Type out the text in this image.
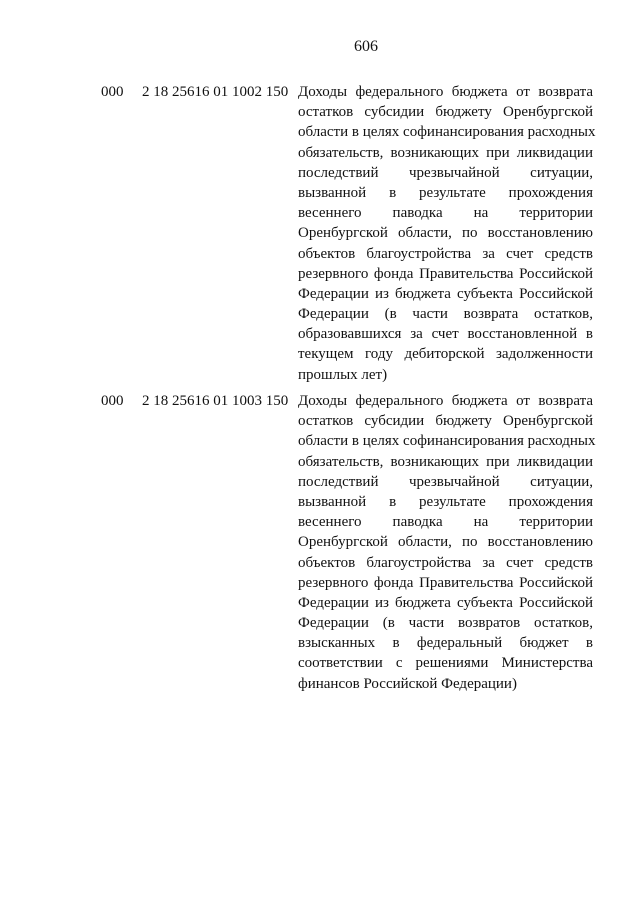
606
000 2 18 25616 01 1002 150 Доходы федерального бюджета от возврата
остатков субсидии бюджету Оренбургской
области в целях софинансирования расходных
обязательств, возникающих при ликвидации
последствий чрезвычайной ситуации,
вызванной в результате прохождения
весеннего паводка на территории
Оренбургской области, по восстановлению
объектов благоустройства за счет средств
резервного фонда Правительства Российской
Федерации из бюджета субъекта Российской
Федерации (в части возврата остатков,
образовавшихся за счет восстановленной в
текущем году дебиторской задолженности
прошлых лет)
000 2 18 25616 01 1003 150 Доходы федерального бюджета от возврата
остатков субсидии бюджету Оренбургской
области в целях софинансирования расходных
обязательств, возникающих при ликвидации
последствий чрезвычайной ситуации,
вызванной в результате прохождения
весеннего паводка на территории
Оренбургской области, по восстановлению
объектов благоустройства за счет средств
резервного фонда Правительства Российской
Федерации из бюджета субъекта Российской
Федерации (в части возвратов остатков,
взысканных в федеральный бюджет в
соответствии с решениями Министерства
финансов Российской Федерации)
